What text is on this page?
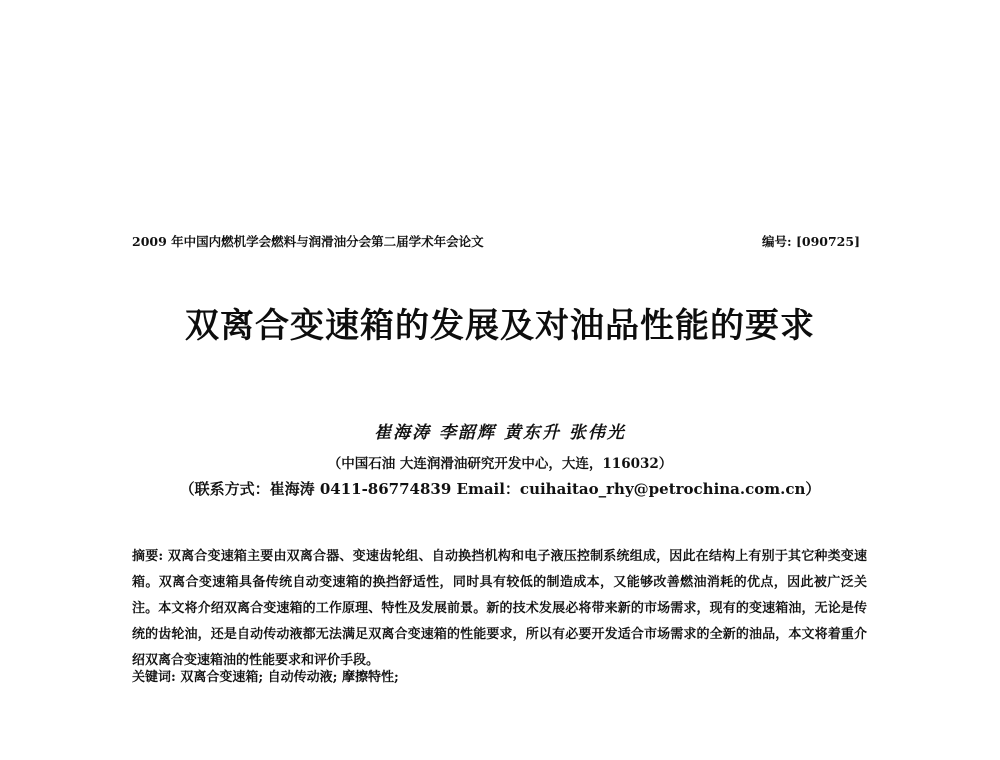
2009 年中国内燃机学会燃料与润滑油分会第二届学术年会论文	编号: [090725]
双离合变速箱的发展及对油品性能的要求
崔海涛 李韶辉 黄东升 张伟光
（中国石油 大连润滑油研究开发中心，大连，116032）
（联系方式：崔海涛 0411-86774839 Email：cuihaitao_rhy@petrochina.com.cn）
摘要: 双离合变速箱主要由双离合器、变速齿轮组、自动换挡机构和电子液压控制系统组成，因此在结构上有别于其它种类变速箱。双离合变速箱具备传统自动变速箱的换挡舒适性，同时具有较低的制造成本，又能够改善燃油消耗的优点，因此被广泛关注。本文将介绍双离合变速箱的工作原理、特性及发展前景。新的技术发展必将带来新的市场需求，现有的变速箱油，无论是传统的齿轮油，还是自动传动液都无法满足双离合变速箱的性能要求，所以有必要开发适合市场需求的全新的油品，本文将着重介绍双离合变速箱油的性能要求和评价手段。
关键词: 双离合变速箱; 自动传动液; 摩擦特性;
